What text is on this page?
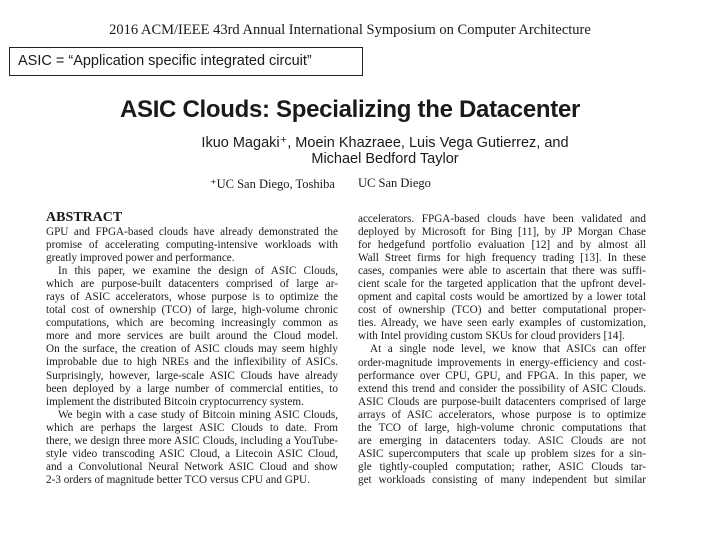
2016 ACM/IEEE 43rd Annual International Symposium on Computer Architecture
ASIC = “Application specific integrated circuit”
ASIC Clouds: Specializing the Datacenter
Ikuo Magaki⁺, Moein Khazraee, Luis Vega Gutierrez, and
Michael Bedford Taylor
⁺UC San Diego, Toshiba UC San Diego
ABSTRACT
GPU and FPGA-based clouds have already demonstrated the
promise of accelerating computing-intensive workloads with
greatly improved power and performance.
In this paper, we examine the design of ASIC Clouds,
which are purpose-built datacenters comprised of large ar-
rays of ASIC accelerators, whose purpose is to optimize the
total cost of ownership (TCO) of large, high-volume chronic
computations, which are becoming increasingly common as
more and more services are built around the Cloud model.
On the surface, the creation of ASIC clouds may seem highly
improbable due to high NREs and the inflexibility of ASICs.
Surprisingly, however, large-scale ASIC Clouds have already
been deployed by a large number of commercial entities, to
implement the distributed Bitcoin cryptocurrency system.
We begin with a case study of Bitcoin mining ASIC Clouds,
which are perhaps the largest ASIC Clouds to date. From
there, we design three more ASIC Clouds, including a YouTube-
style video transcoding ASIC Cloud, a Litecoin ASIC Cloud,
and a Convolutional Neural Network ASIC Cloud and show
2-3 orders of magnitude better TCO versus CPU and GPU.
accelerators. FPGA-based clouds have been validated and
deployed by Microsoft for Bing [11], by JP Morgan Chase
for hedgefund portfolio evaluation [12] and by almost all
Wall Street firms for high frequency trading [13]. In these
cases, companies were able to ascertain that there was suffi-
cient scale for the targeted application that the upfront devel-
opment and capital costs would be amortized by a lower total
cost of ownership (TCO) and better computational proper-
ties. Already, we have seen early examples of customization,
with Intel providing custom SKUs for cloud providers [14].
At a single node level, we know that ASICs can offer
order-magnitude improvements in energy-efficiency and cost-
performance over CPU, GPU, and FPGA. In this paper, we
extend this trend and consider the possibility of ASIC Clouds.
ASIC Clouds are purpose-built datacenters comprised of large
arrays of ASIC accelerators, whose purpose is to optimize
the TCO of large, high-volume chronic computations that
are emerging in datacenters today. ASIC Clouds are not
ASIC supercomputers that scale up problem sizes for a sin-
gle tightly-coupled computation; rather, ASIC Clouds tar-
get workloads consisting of many independent but similar
